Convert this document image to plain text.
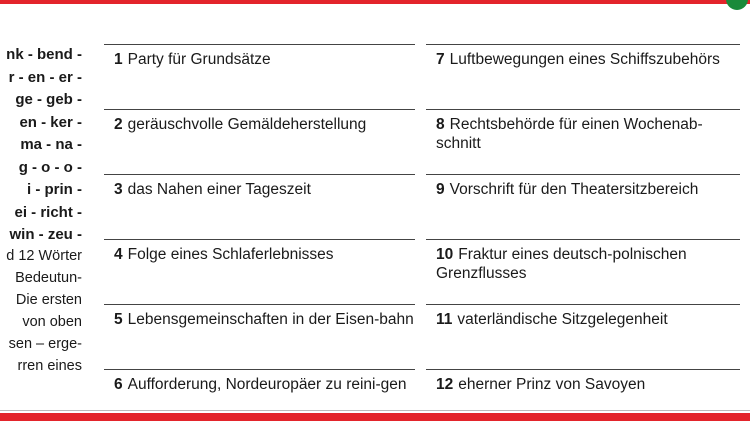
nk - bend -
r - en - er -
ge - geb -
en - ker -
ma - na -
g - o - o -
i - prin -
ei - richt -
win - zeu -
d 12 Wörter
Bedeutun-
Die ersten
von oben
sen – erge-
rren eines
1 Party für Grundsätze
2 geräuschvolle Gemäldeherstellung
3 das Nahen einer Tageszeit
4 Folge eines Schlaferlebnisses
5 Lebensgemeinschaften in der Eisen-bahn
6 Aufforderung, Nordeuropäer zu reini-gen
7 Luftbewegungen eines Schiffszubehörs
8 Rechtsbehörde für einen Wochenab-schnitt
9 Vorschrift für den Theatersitzbereich
10 Fraktur eines deutsch-polnischen Grenzflusses
11 vaterländische Sitzgelegenheit
12 eherner Prinz von Savoyen
